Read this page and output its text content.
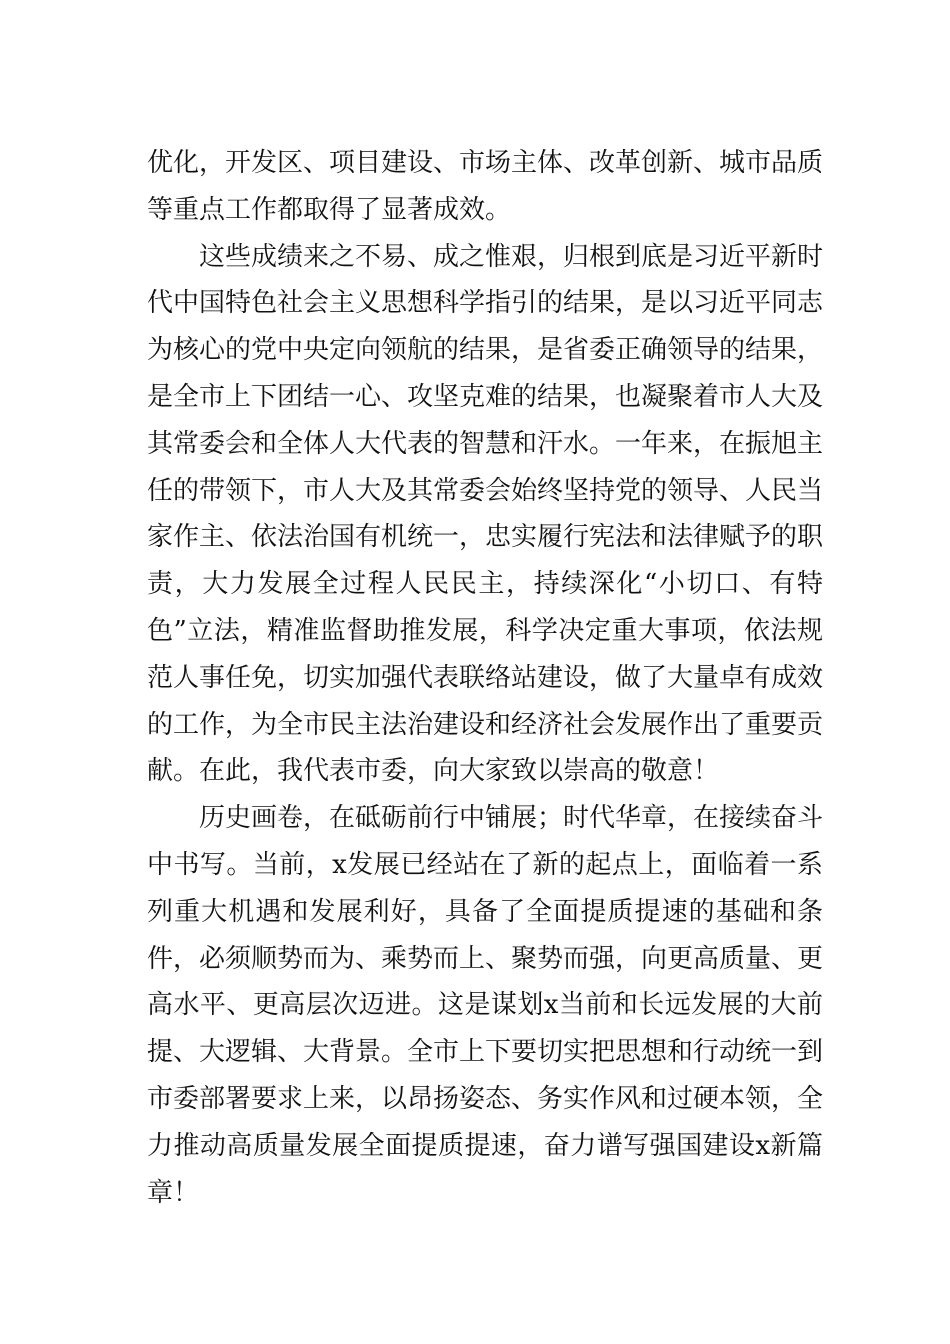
优化，开发区、项目建设、市场主体、改革创新、城市品质等重点工作都取得了显著成效。

这些成绩来之不易、成之惟艰，归根到底是习近平新时代中国特色社会主义思想科学指引的结果，是以习近平同志为核心的党中央定向领航的结果，是省委正确领导的结果，是全市上下团结一心、攻坚克难的结果，也凝聚着市人大及其常委会和全体人大代表的智慧和汗水。一年来，在振旭主任的带领下，市人大及其常委会始终坚持党的领导、人民当家作主、依法治国有机统一，忠实履行宪法和法律赋予的职责，大力发展全过程人民民主，持续深化“小切口、有特色”立法，精准监督助推发展，科学决定重大事项，依法规范人事任免，切实加强代表联络站建设，做了大量卓有成效的工作，为全市民主法治建设和经济社会发展作出了重要贡献。在此，我代表市委，向大家致以崇高的敬意！

历史画卷，在砥砺前行中铺展；时代华章，在接续奋斗中书写。当前，x发展已经站在了新的起点上，面临着一系列重大机遇和发展利好，具备了全面提质提速的基础和条件，必须顺势而为、乘势而上、聚势而强，向更高质量、更高水平、更高层次迈进。这是谋划x当前和长远发展的大前提、大逻辑、大背景。全市上下要切实把思想和行动统一到市委部署要求上来，以昂扬姿态、务实作风和过硬本领，全力推动高质量发展全面提质提速，奋力谱写强国建设x新篇章！
